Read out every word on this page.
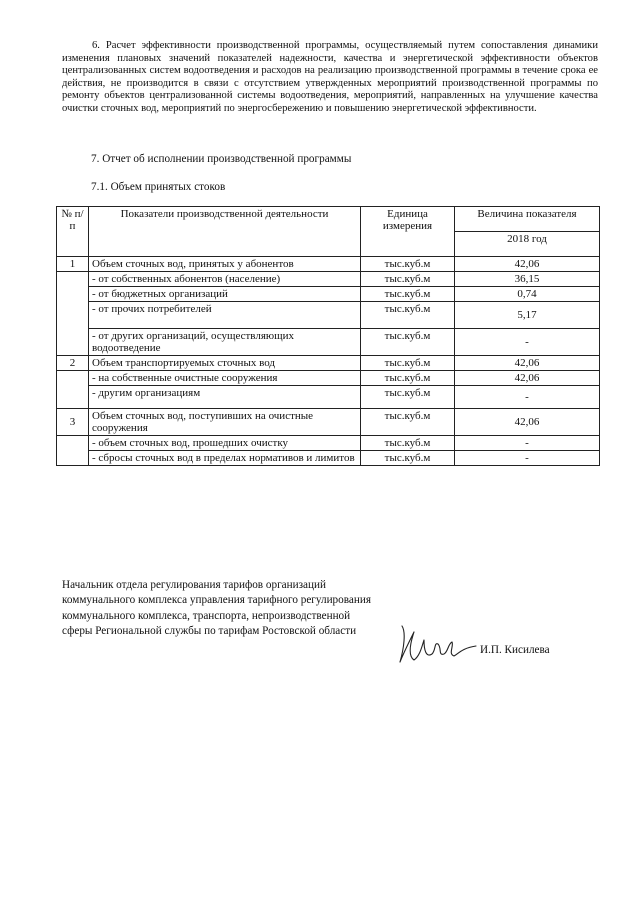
6. Расчет эффективности производственной программы, осуществляемый путем сопоставления динамики изменения плановых значений показателей надежности, качества и энергетической эффективности объектов централизованных систем водоотведения и расходов на реализацию производственной программы в течение срока ее действия, не производится в связи с отсутствием утвержденных мероприятий производственной программы по ремонту объектов централизованной системы водоотведения, мероприятий, направленных на улучшение качества очистки сточных вод, мероприятий по энергосбережению и повышению энергетической эффективности.

7. Отчет об исполнении производственной программы

7.1. Объем принятых стоков

№ п/п	Показатели производственной деятельности	Единица измерения	Величина показателя
			2018 год
1	Объем сточных вод, принятых у абонентов	тыс.куб.м	42,06
	- от собственных абонентов (население)	тыс.куб.м	36,15
	- от бюджетных организаций	тыс.куб.м	0,74
	- от прочих потребителей	тыс.куб.м	5,17
	- от других организаций, осуществляющих водоотведение	тыс.куб.м	-
2	Объем транспортируемых сточных вод	тыс.куб.м	42,06
	- на собственные очистные сооружения	тыс.куб.м	42,06
	- другим организациям	тыс.куб.м	-
3	Объем сточных вод, поступивших на очистные сооружения	тыс.куб.м	42,06
	- объем сточных вод, прошедших очистку	тыс.куб.м	-
	- сбросы сточных вод в пределах нормативов и лимитов	тыс.куб.м	-

Начальник отдела регулирования тарифов организаций коммунального комплекса управления тарифного регулирования коммунального комплекса, транспорта, непроизводственной сферы Региональной службы по тарифам Ростовской области

И.П. Кисилева
